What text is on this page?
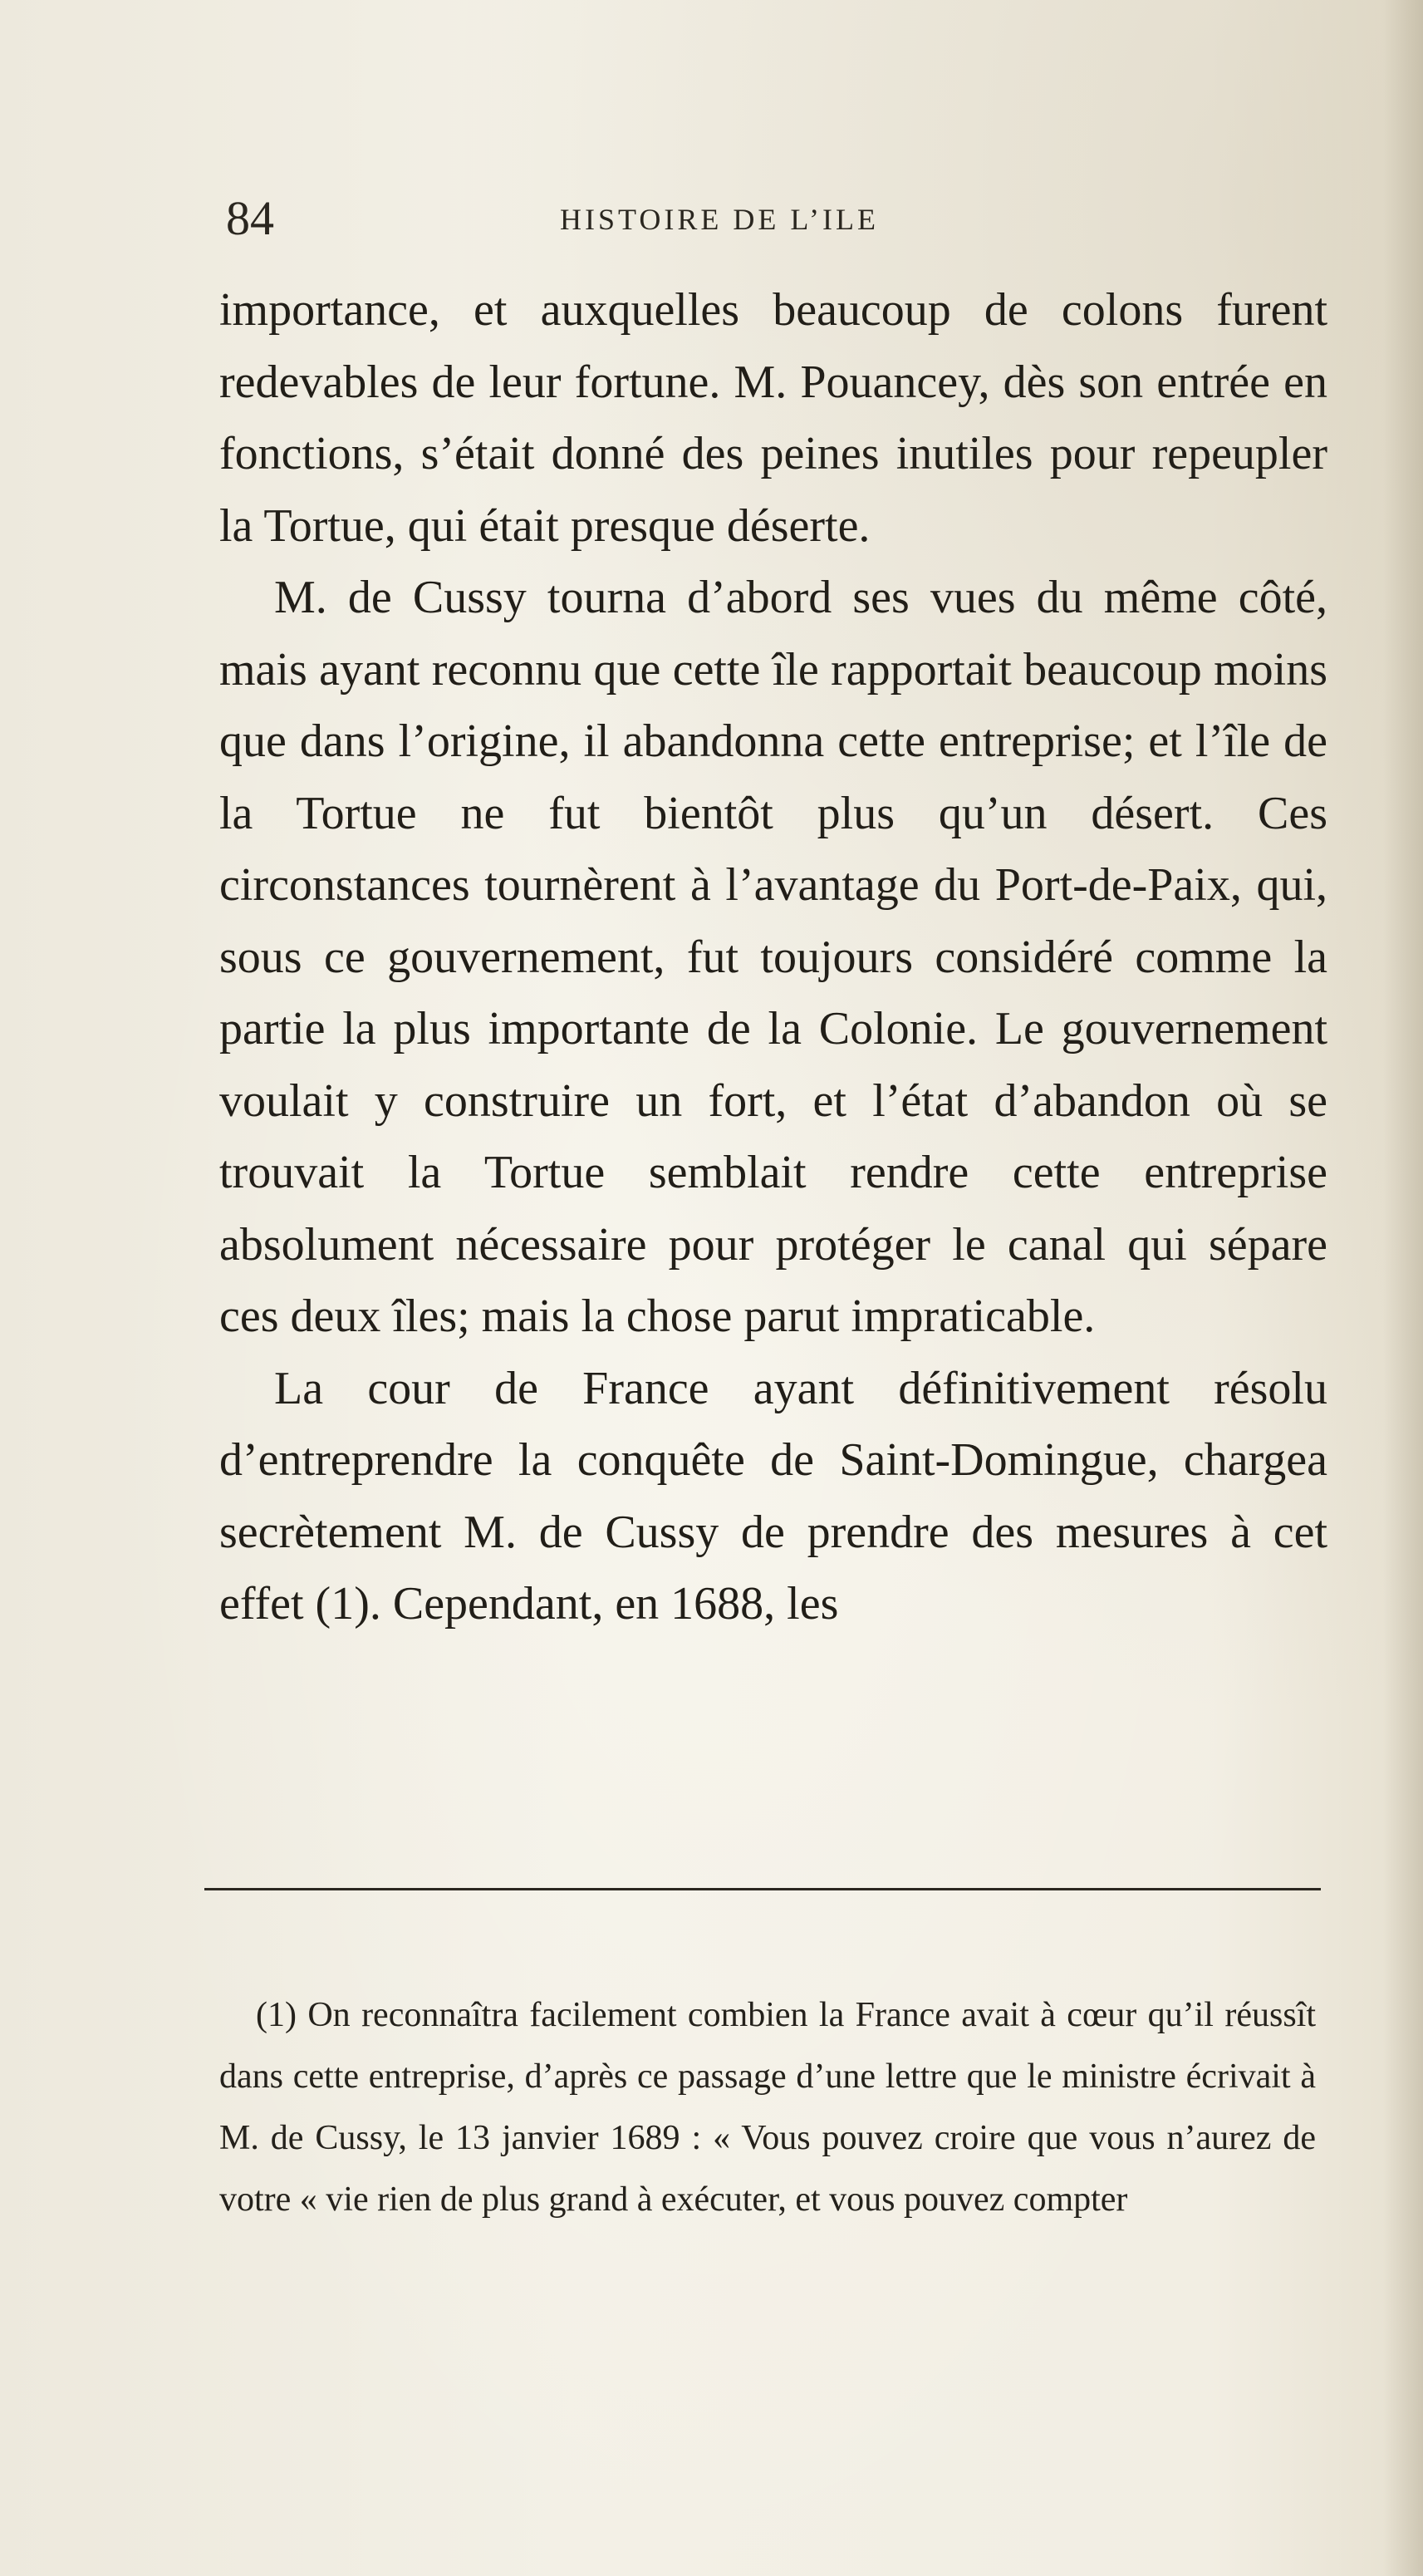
84	HISTOIRE DE L’ILE

importance, et auxquelles beaucoup de colons furent redevables de leur fortune. M. Pouancey, dès son entrée en fonctions, s’était donné des peines inutiles pour repeupler la Tortue, qui était presque déserte.

M. de Cussy tourna d’abord ses vues du même côté, mais ayant reconnu que cette île rapportait beaucoup moins que dans l’origine, il abandonna cette entreprise; et l’île de la Tortue ne fut bientôt plus qu’un désert. Ces circonstances tournèrent à l’avantage du Port-de-Paix, qui, sous ce gouvernement, fut toujours considéré comme la partie la plus importante de la Colonie. Le gouvernement voulait y construire un fort, et l’état d’abandon où se trouvait la Tortue semblait rendre cette entreprise absolument nécessaire pour protéger le canal qui sépare ces deux îles; mais la chose parut impraticable.

La cour de France ayant définitivement résolu d’entreprendre la conquête de Saint-Domingue, chargea secrètement M. de Cussy de prendre des mesures à cet effet (1). Cependant, en 1688, les

(1) On reconnaîtra facilement combien la France avait à cœur qu’il réussît dans cette entreprise, d’après ce passage d’une lettre que le ministre écrivait à M. de Cussy, le 13 janvier 1689 : « Vous pouvez croire que vous n’aurez de votre « vie rien de plus grand à exécuter, et vous pouvez compter
